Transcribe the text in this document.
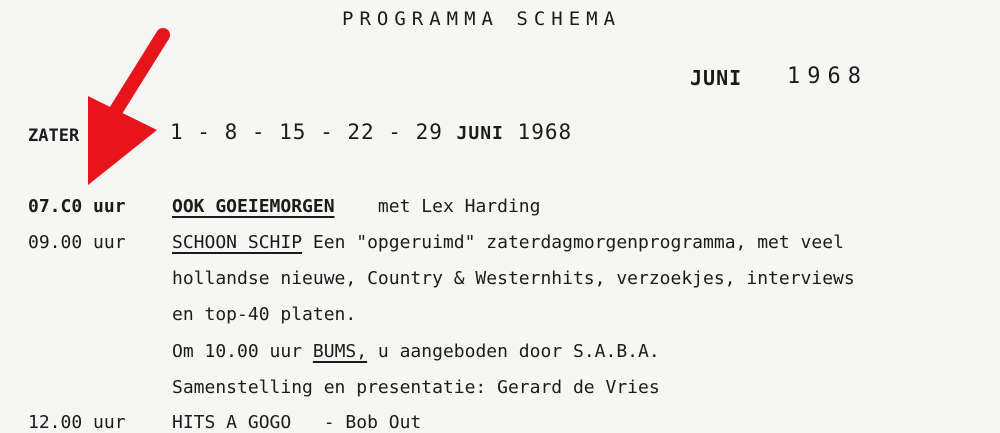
PROGRAMMA SCHEMA
JUNI 1968
ZATER	1 - 8 - 15 - 22 - 29 JUNI 1968
07.C0 uur	OOK GOEIEMORGEN met Lex Harding
09.00 uur	SCHOON SCHIP Een "opgeruimd" zaterdagmorgenprogramma, met veel
hollandse nieuwe, Country & Westernhits, verzoekjes, interviews
en top-40 platen.
Om 10.00 uur BUMS, u aangeboden door S.A.B.A.
Samenstelling en presentatie: Gerard de Vries
12.00 uur	HITS A GOGO - Bob Out
